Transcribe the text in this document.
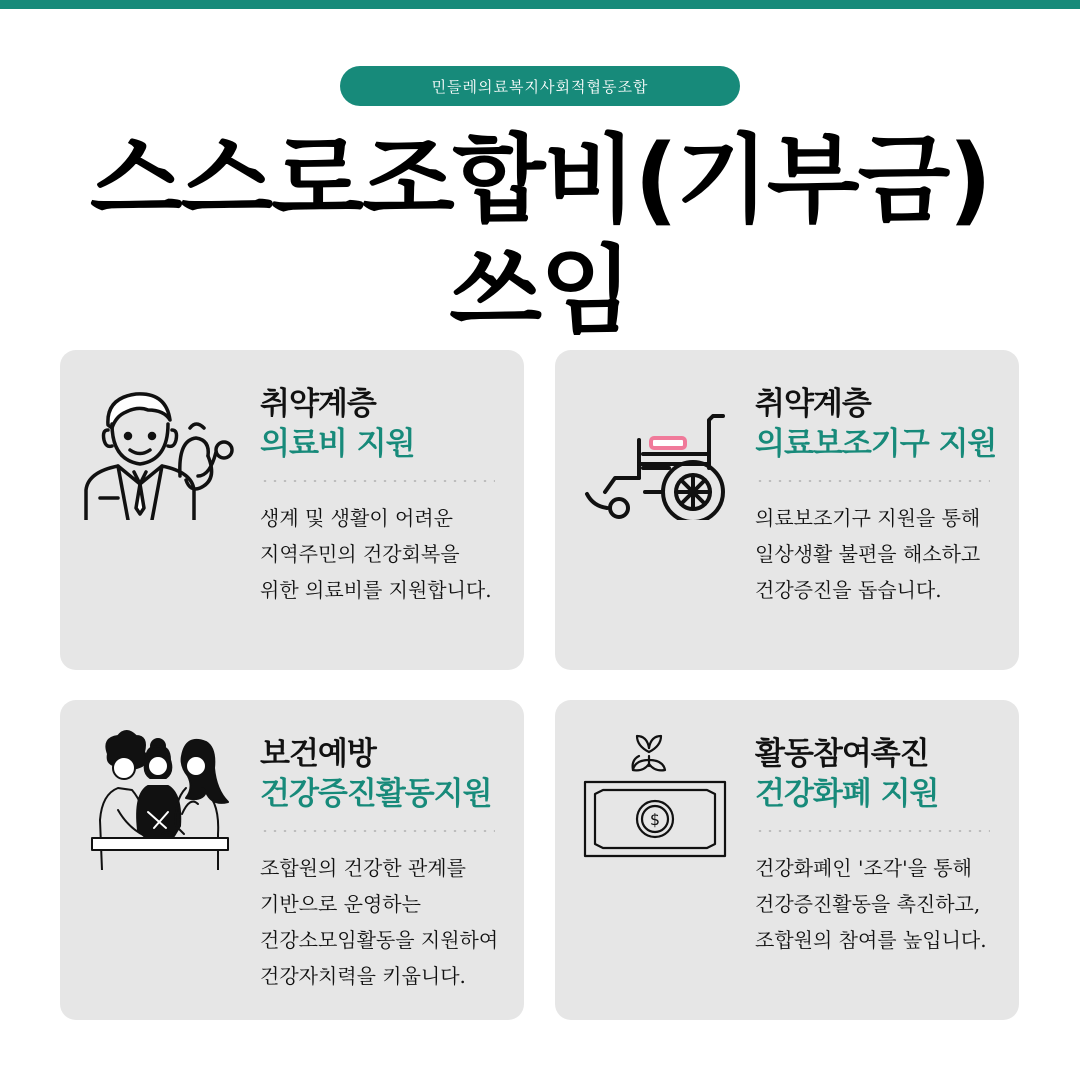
민들레의료복지사회적협동조합
스스로조합비(기부금)
쓰임
취약계층
의료비 지원
생계 및 생활이 어려운 지역주민의 건강회복을 위한 의료비를 지원합니다.
취약계층
의료보조기구 지원
의료보조기구 지원을 통해 일상생활 불편을 해소하고 건강증진을 돕습니다.
보건예방
건강증진활동지원
조합원의 건강한 관계를 기반으로 운영하는 건강소모임활동을 지원하여 건강자치력을 키웁니다.
$
활동참여촉진
건강화폐 지원
건강화폐인 '조각'을 통해 건강증진활동을 촉진하고, 조합원의 참여를 높입니다.
